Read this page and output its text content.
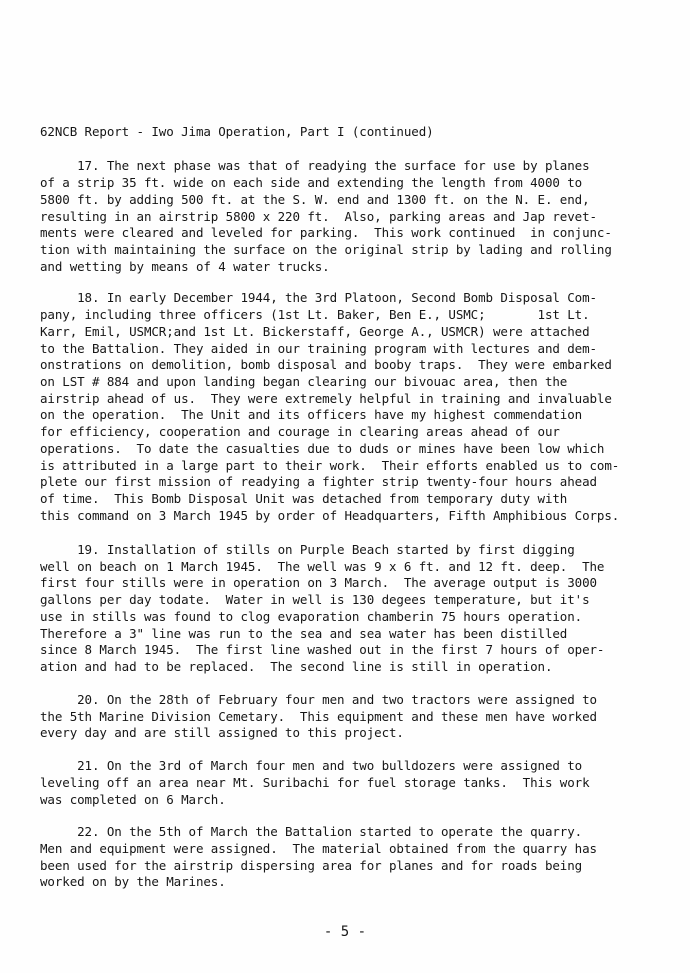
62NCB Report - Iwo Jima Operation, Part I (continued)
17. The next phase was that of readying the surface for use by planes
of a strip 35 ft. wide on each side and extending the length from 4000 to
5800 ft. by adding 500 ft. at the S. W. end and 1300 ft. on the N. E. end,
resulting in an airstrip 5800 x 220 ft.  Also, parking areas and Jap revet-
ments were cleared and leveled for parking.  This work continued  in conjunc-
tion with maintaining the surface on the original strip by lading and rolling
and wetting by means of 4 water trucks.
18. In early December 1944, the 3rd Platoon, Second Bomb Disposal Com-
pany, including three officers (1st Lt. Baker, Ben E., USMC;       1st Lt.
Karr, Emil, USMCR;and 1st Lt. Bickerstaff, George A., USMCR) were attached
to the Battalion. They aided in our training program with lectures and dem-
onstrations on demolition, bomb disposal and booby traps.  They were embarked
on LST # 884 and upon landing began clearing our bivouac area, then the
airstrip ahead of us.  They were extremely helpful in training and invaluable
on the operation.  The Unit and its officers have my highest commendation
for efficiency, cooperation and courage in clearing areas ahead of our
operations.  To date the casualties due to duds or mines have been low which
is attributed in a large part to their work.  Their efforts enabled us to com-
plete our first mission of readying a fighter strip twenty-four hours ahead
of time.  This Bomb Disposal Unit was detached from temporary duty with
this command on 3 March 1945 by order of Headquarters, Fifth Amphibious Corps.
19. Installation of stills on Purple Beach started by first digging
well on beach on 1 March 1945.  The well was 9 x 6 ft. and 12 ft. deep.  The
first four stills were in operation on 3 March.  The average output is 3000
gallons per day todate.  Water in well is 130 degees temperature, but it's
use in stills was found to clog evaporation chamberin 75 hours operation.
Therefore a 3" line was run to the sea and sea water has been distilled
since 8 March 1945.  The first line washed out in the first 7 hours of oper-
ation and had to be replaced.  The second line is still in operation.
20. On the 28th of February four men and two tractors were assigned to
the 5th Marine Division Cemetary.  This equipment and these men have worked
every day and are still assigned to this project.
21. On the 3rd of March four men and two bulldozers were assigned to
leveling off an area near Mt. Suribachi for fuel storage tanks.  This work
was completed on 6 March.
22. On the 5th of March the Battalion started to operate the quarry.
Men and equipment were assigned.  The material obtained from the quarry has
been used for the airstrip dispersing area for planes and for roads being
worked on by the Marines.
- 5 -
